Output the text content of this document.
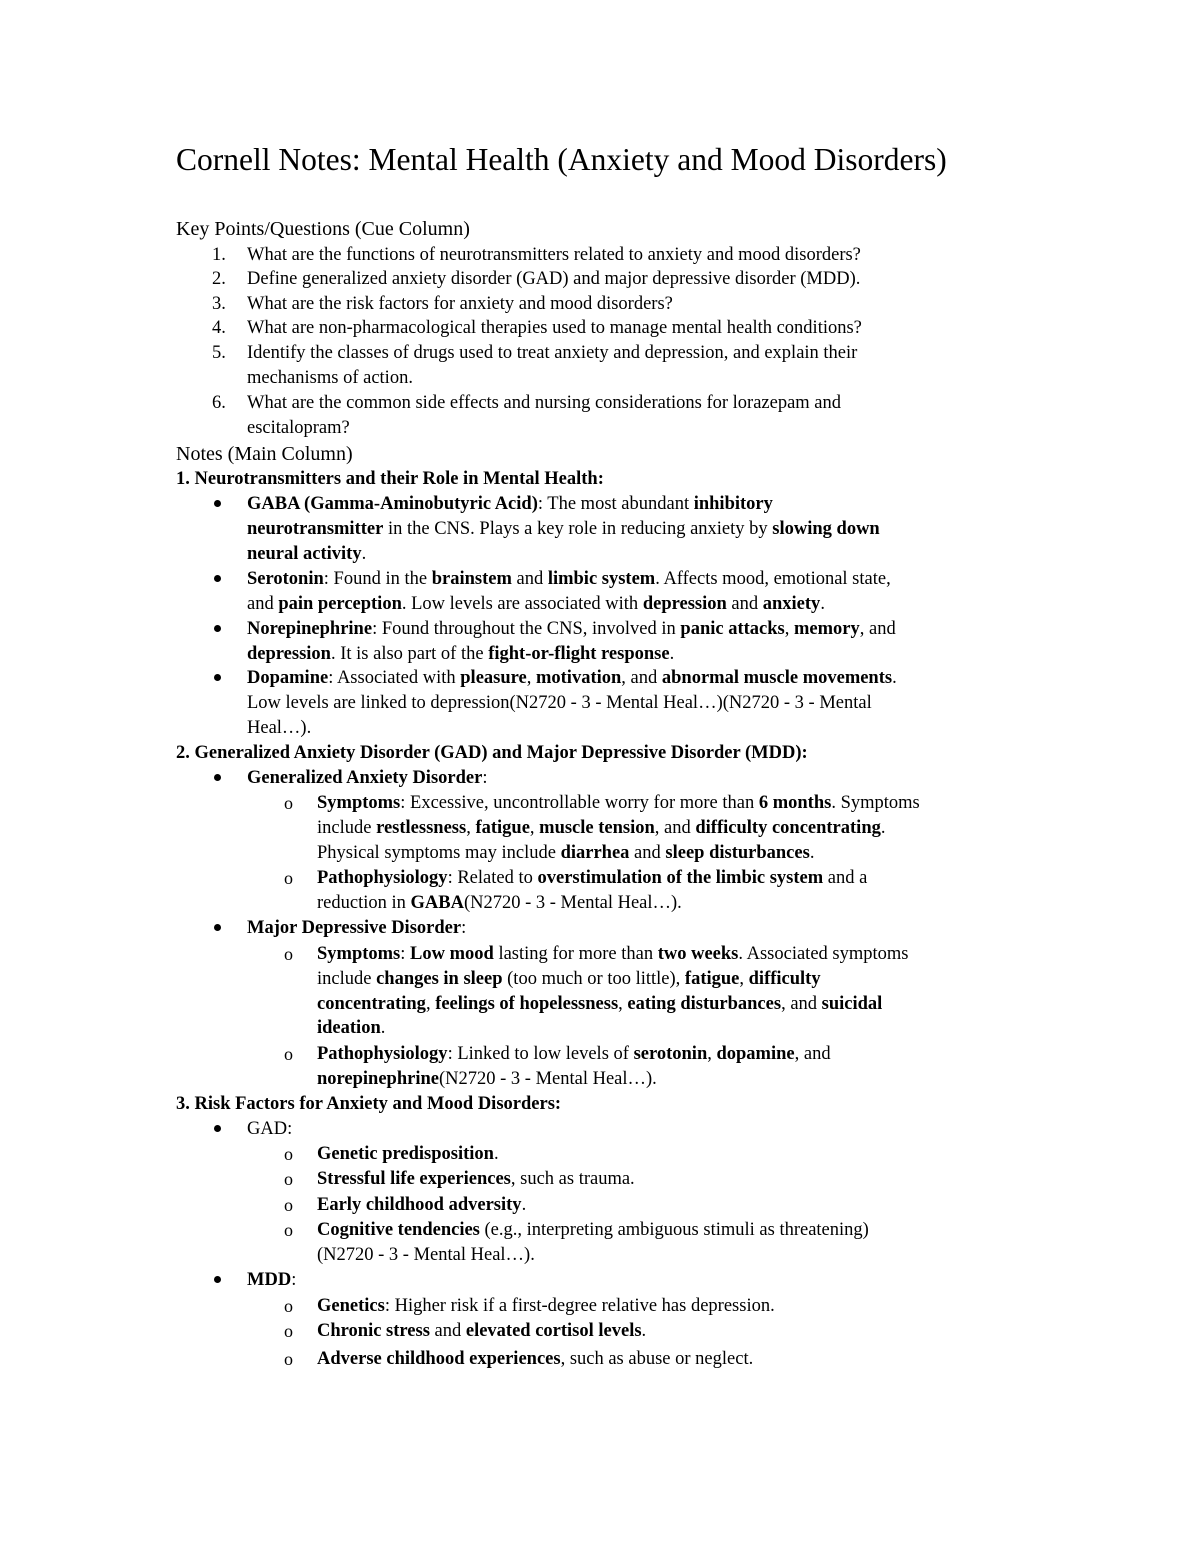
Cornell Notes: Mental Health (Anxiety and Mood Disorders)
Key Points/Questions (Cue Column)
1. What are the functions of neurotransmitters related to anxiety and mood disorders?
2. Define generalized anxiety disorder (GAD) and major depressive disorder (MDD).
3. What are the risk factors for anxiety and mood disorders?
4. What are non-pharmacological therapies used to manage mental health conditions?
5. Identify the classes of drugs used to treat anxiety and depression, and explain their
mechanisms of action.
6. What are the common side effects and nursing considerations for lorazepam and
escitalopram?
Notes (Main Column)
1. Neurotransmitters and their Role in Mental Health:
GABA (Gamma-Aminobutyric Acid): The most abundant inhibitory
neurotransmitter in the CNS. Plays a key role in reducing anxiety by slowing down
neural activity.
Serotonin: Found in the brainstem and limbic system. Affects mood, emotional state,
and pain perception. Low levels are associated with depression and anxiety.
Norepinephrine: Found throughout the CNS, involved in panic attacks, memory, and
depression. It is also part of the fight-or-flight response.
Dopamine: Associated with pleasure, motivation, and abnormal muscle movements.
Low levels are linked to depression(N2720 - 3 - Mental Heal…)(N2720 - 3 - Mental
Heal…).
2. Generalized Anxiety Disorder (GAD) and Major Depressive Disorder (MDD):
Generalized Anxiety Disorder:
o Symptoms: Excessive, uncontrollable worry for more than 6 months. Symptoms
include restlessness, fatigue, muscle tension, and difficulty concentrating.
Physical symptoms may include diarrhea and sleep disturbances.
o Pathophysiology: Related to overstimulation of the limbic system and a
reduction in GABA(N2720 - 3 - Mental Heal…).
Major Depressive Disorder:
o Symptoms: Low mood lasting for more than two weeks. Associated symptoms
include changes in sleep (too much or too little), fatigue, difficulty
concentrating, feelings of hopelessness, eating disturbances, and suicidal
ideation.
o Pathophysiology: Linked to low levels of serotonin, dopamine, and
norepinephrine(N2720 - 3 - Mental Heal…).
3. Risk Factors for Anxiety and Mood Disorders:
GAD:
o Genetic predisposition.
o Stressful life experiences, such as trauma.
o Early childhood adversity.
o Cognitive tendencies (e.g., interpreting ambiguous stimuli as threatening)
(N2720 - 3 - Mental Heal…).
MDD:
o Genetics: Higher risk if a first-degree relative has depression.
o Chronic stress and elevated cortisol levels.
o Adverse childhood experiences, such as abuse or neglect.
